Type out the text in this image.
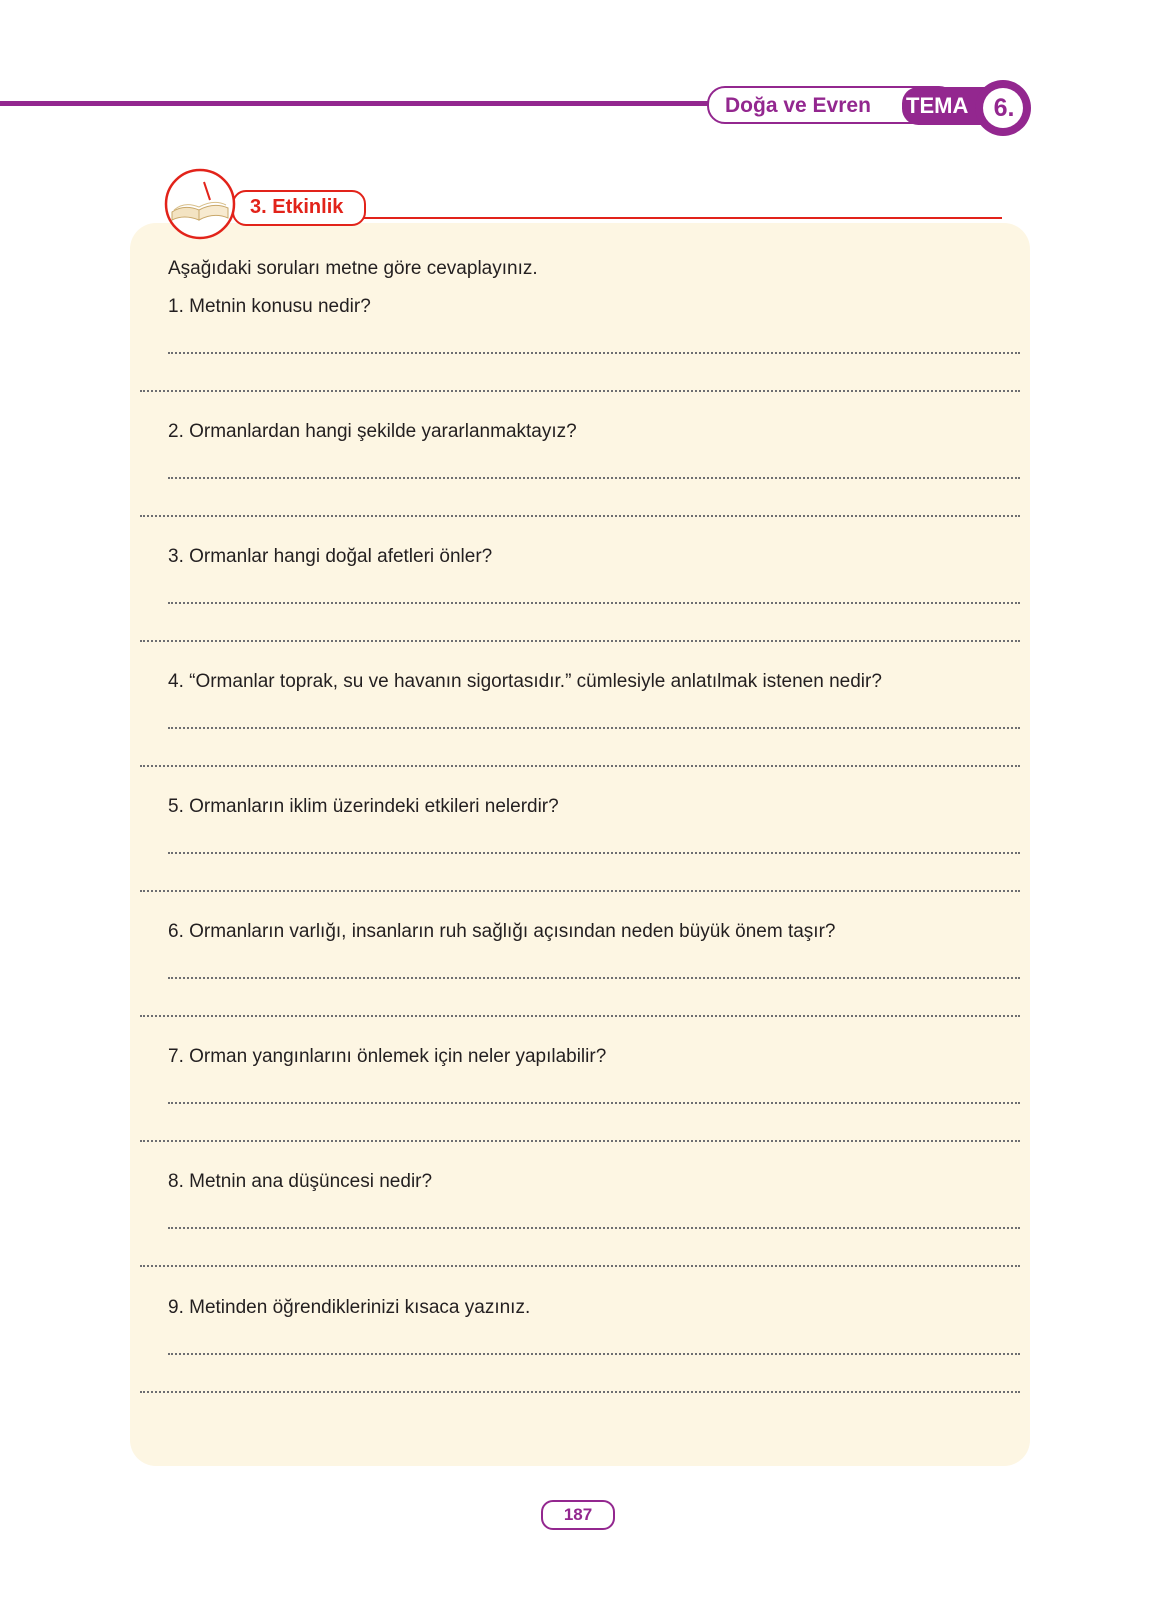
Doğa ve Evren TEMA 6.
3. Etkinlik
Aşağıdaki soruları metne göre cevaplayınız.
1. Metnin konusu nedir?
2. Ormanlardan hangi şekilde yararlanmaktayız?
3. Ormanlar hangi doğal afetleri önler?
4. “Ormanlar toprak, su ve havanın sigortasıdır.” cümlesiyle anlatılmak istenen nedir?
5. Ormanların iklim üzerindeki etkileri nelerdir?
6. Ormanların varlığı, insanların ruh sağlığı açısından neden büyük önem taşır?
7. Orman yangınlarını önlemek için neler yapılabilir?
8. Metnin ana düşüncesi nedir?
9. Metinden öğrendiklerinizi kısaca yazınız.
187
